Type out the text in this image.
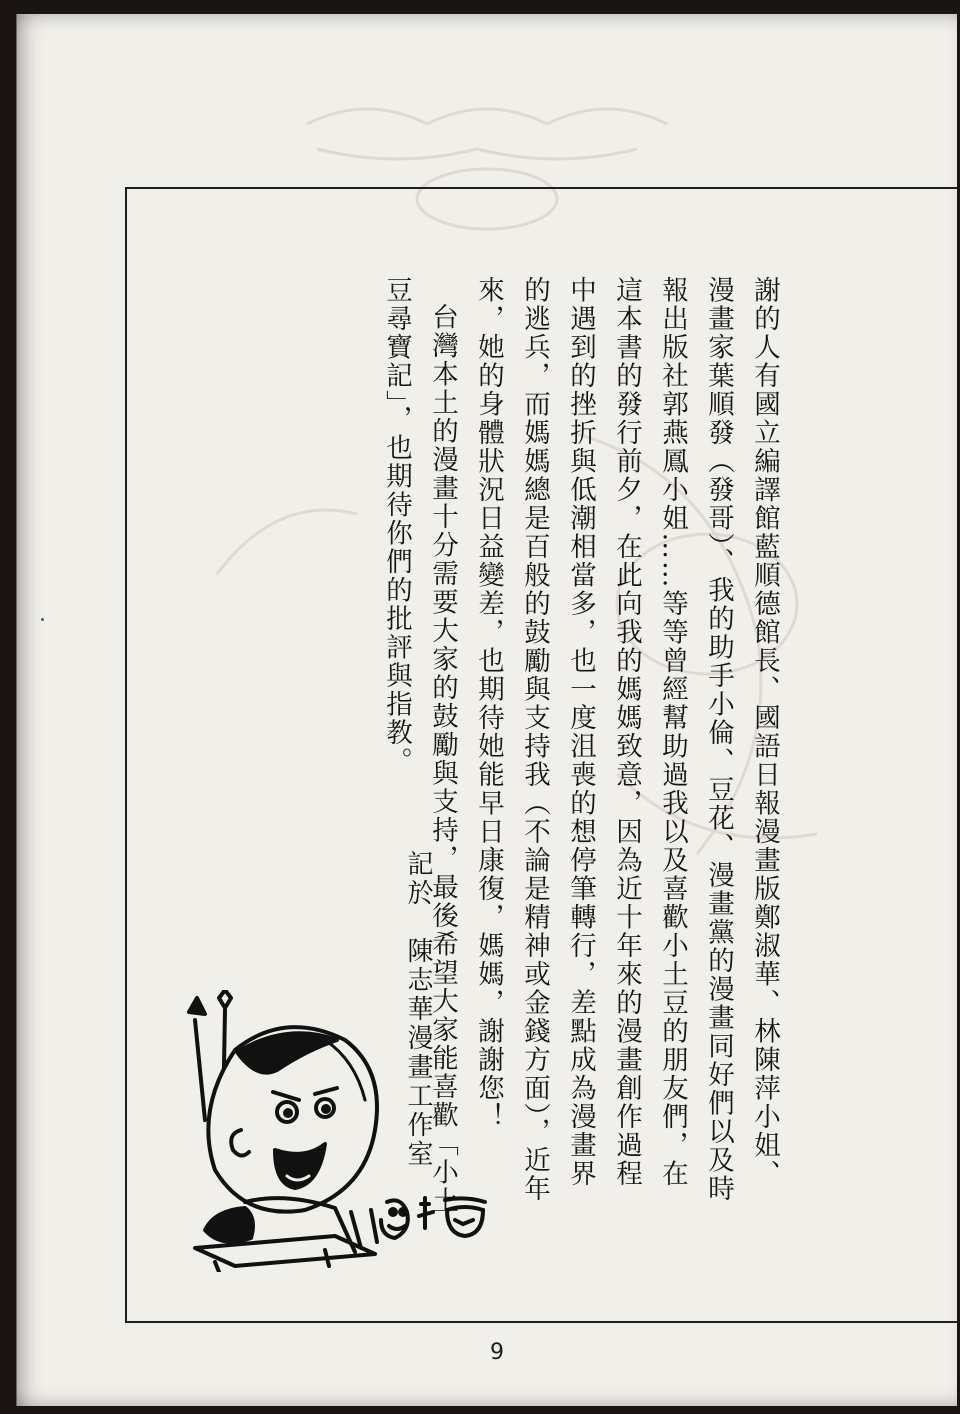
謝的人有國立編譯館藍順德館長、國語日報漫畫版鄭淑華、林陳萍小姐、漫畫家葉順發（發哥）、我的助手小倫、豆花、漫畫黨的漫畫同好們以及時報出版社郭燕鳳小姐……等等曾經幫助過我以及喜歡小土豆的朋友們，在這本書的發行前夕，在此向我的媽媽致意，因為近十年來的漫畫創作過程中遇到的挫折與低潮相當多，也一度沮喪的想停筆轉行，差點成為漫畫界的逃兵，而媽媽總是百般的鼓勵與支持我（不論是精神或金錢方面），近年來，她的身體狀況日益變差，也期待她能早日康復，媽媽，謝謝您！

台灣本土的漫畫十分需要大家的鼓勵與支持，最後希望大家能喜歡「小土豆尋寶記」，也期待你們的批評與指教。

記於　陳志華漫畫工作室
9
